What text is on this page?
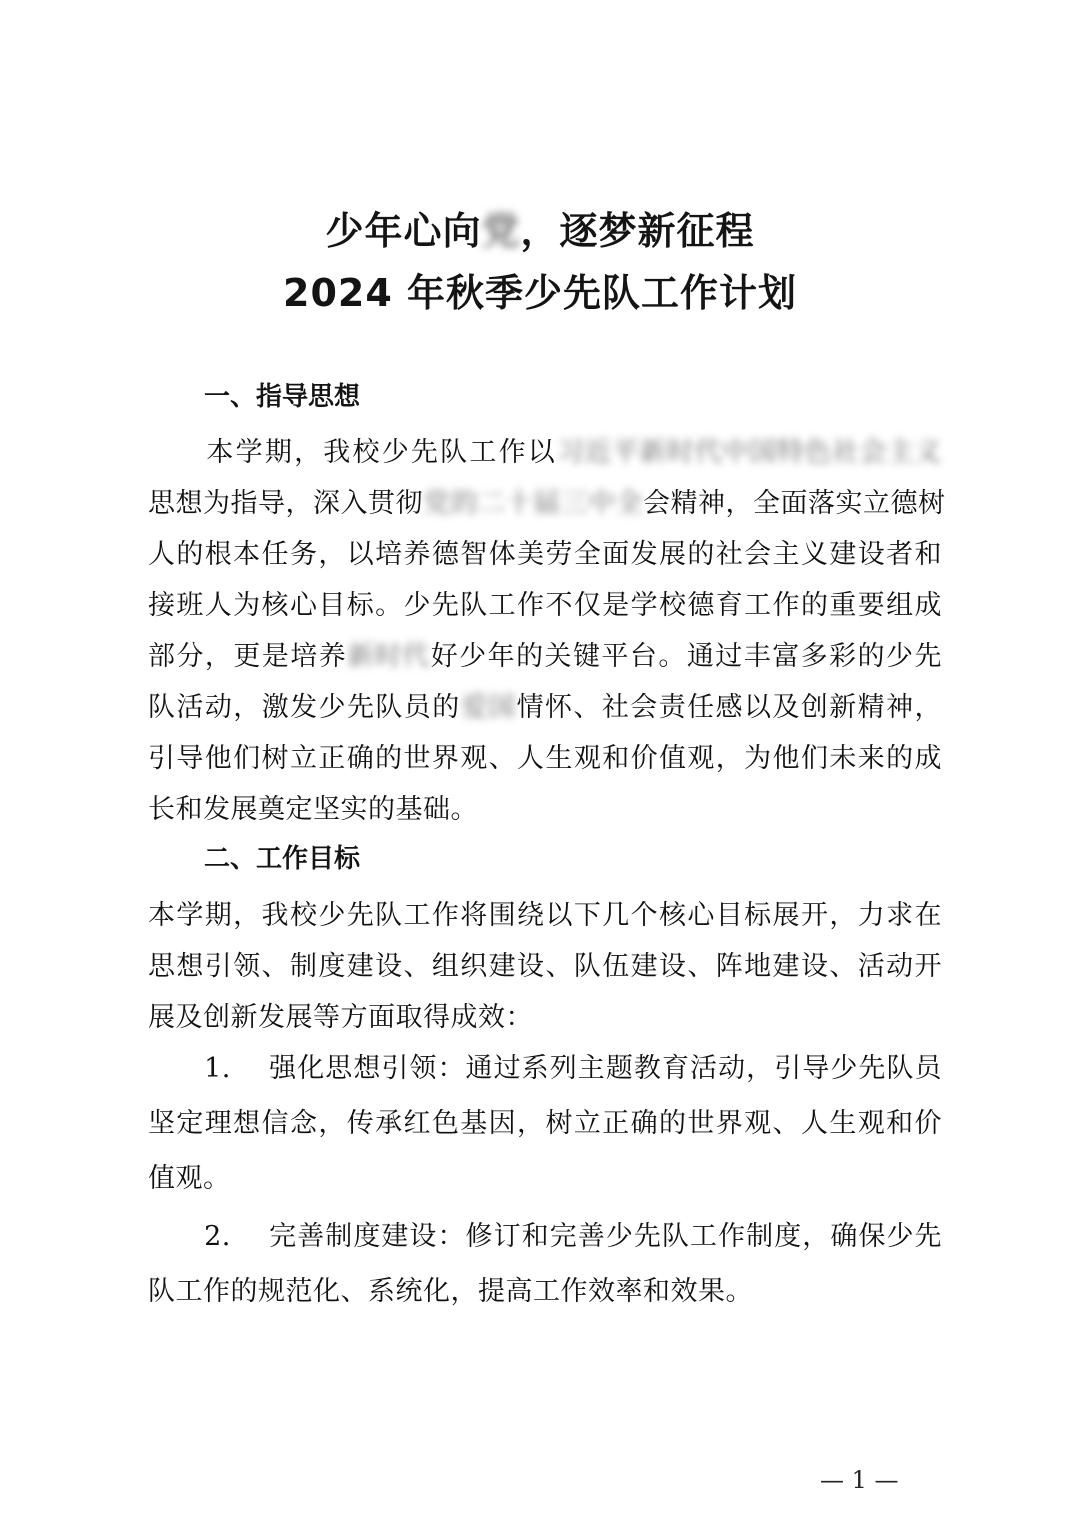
少年心向党，逐梦新征程
2024 年秋季少先队工作计划
一、指导思想
　　本学期，我校少先队工作以习近平新时代中国特色社会主义
思想为指导，深入贯彻党的二十届三中全会精神，全面落实立德树
人的根本任务，以培养德智体美劳全面发展的社会主义建设者和
接班人为核心目标。少先队工作不仅是学校德育工作的重要组成
部分，更是培养新时代好少年的关键平台。通过丰富多彩的少先
队活动，激发少先队员的爱国情怀、社会责任感以及创新精神，
引导他们树立正确的世界观、人生观和价值观，为他们未来的成
长和发展奠定坚实的基础。
二、工作目标
本学期，我校少先队工作将围绕以下几个核心目标展开，力求在
思想引领、制度建设、组织建设、队伍建设、阵地建设、活动开
展及创新发展等方面取得成效：
　　1.　 强化思想引领：通过系列主题教育活动，引导少先队员
坚定理想信念，传承红色基因，树立正确的世界观、人生观和价
值观。
　　2.　 完善制度建设：修订和完善少先队工作制度，确保少先
队工作的规范化、系统化，提高工作效率和效果。
— 1 —
